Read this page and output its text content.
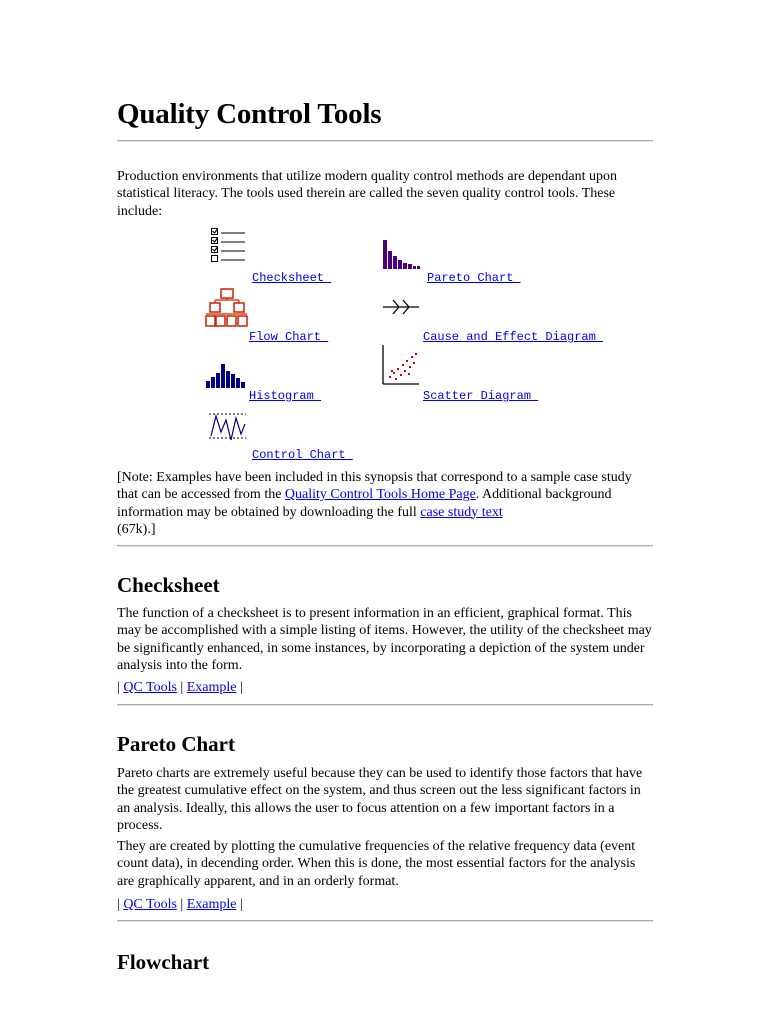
Quality Control Tools

Production environments that utilize modern quality control methods are dependant upon statistical literacy. The tools used therein are called the seven quality control tools. These include:

Checksheet	Pareto Chart
Flow Chart	Cause and Effect Diagram
Histogram	Scatter Diagram
Control Chart

[Note: Examples have been included in this synopsis that correspond to a sample case study that can be accessed from the Quality Control Tools Home Page. Additional background information may be obtained by downloading the full case study text
(67k).]

Checksheet

The function of a checksheet is to present information in an efficient, graphical format. This may be accomplished with a simple listing of items. However, the utility of the checksheet may be significantly enhanced, in some instances, by incorporating a depiction of the system under analysis into the form.

| QC Tools | Example |
Pareto Chart

Pareto charts are extremely useful because they can be used to identify those factors that have the greatest cumulative effect on the system, and thus screen out the less significant factors in an analysis. Ideally, this allows the user to focus attention on a few important factors in a process.

They are created by plotting the cumulative frequencies of the relative frequency data (event count data), in decending order. When this is done, the most essential factors for the analysis are graphically apparent, and in an orderly format.

| QC Tools | Example |
Flowchart
